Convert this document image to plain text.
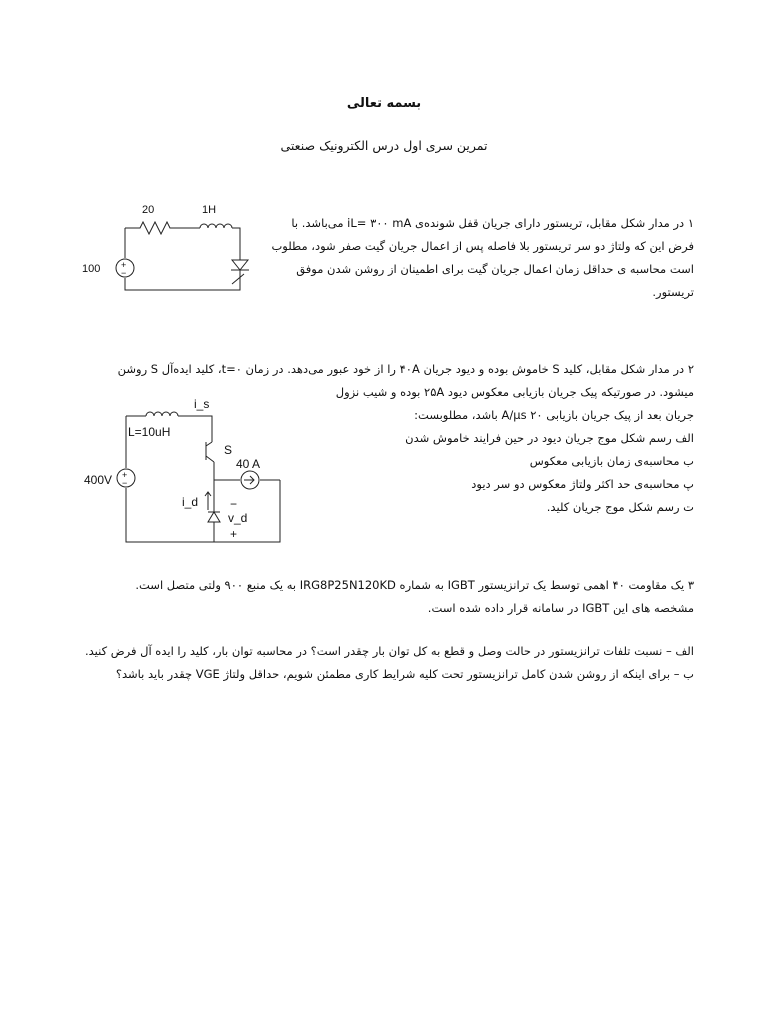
بسمه تعالی
تمرین سری اول درس الکترونیک صنعتی
+
−
20	1H
100
۱ در مدار شکل مقابل، تریستور دارای جریان قفل شونده‌ی iL= ۳۰۰ mA می‌باشد. با
فرض این که ولتاژ دو سر تریستور بلا فاصله پس از اعمال جریان گیت صفر شود، مطلوب
است محاسبه ی حداقل زمان اعمال جریان گیت برای اطمینان از روشن شدن موفق
تریستور.
+
−
i_s
L=10uH
S
40 A
400V
i_d	−
v_d
+
۲ در مدار شکل مقابل، کلید S خاموش بوده و دیود جریان ۴۰A را از خود عبور می‌دهد. در زمان t=۰، کلید ایده‌آل S روشن
میشود. در صورتیکه پیک جریان بازیابی معکوس دیود ۲۵A بوده و شیب نزول
جریان بعد از پیک جریان بازیابی ۲۰ A/µs باشد، مطلوبست:
الف رسم شکل موج جریان دیود در حین فرایند خاموش شدن
ب محاسبه‌ی زمان بازیابی معکوس
پ محاسبه‌ی حد اکثر ولتاژ معکوس دو سر دیود
ت رسم شکل موج جریان کلید.
۳ یک مقاومت ۴۰ اهمی توسط یک ترانزیستور IGBT به شماره IRG8P25N120KD به یک منبع ۹۰۰ ولتی متصل است.
مشخصه های این IGBT در سامانه قرار داده شده است.
الف – نسبت تلفات ترانزیستور در حالت وصل و قطع به کل توان بار چقدر است؟ در محاسبه توان بار، کلید را ایده آل فرض کنید.
ب – برای اینکه از روشن شدن کامل ترانزیستور تحت کلیه شرایط کاری مطمئن شویم، حداقل ولتاژ VGE چقدر باید باشد؟
